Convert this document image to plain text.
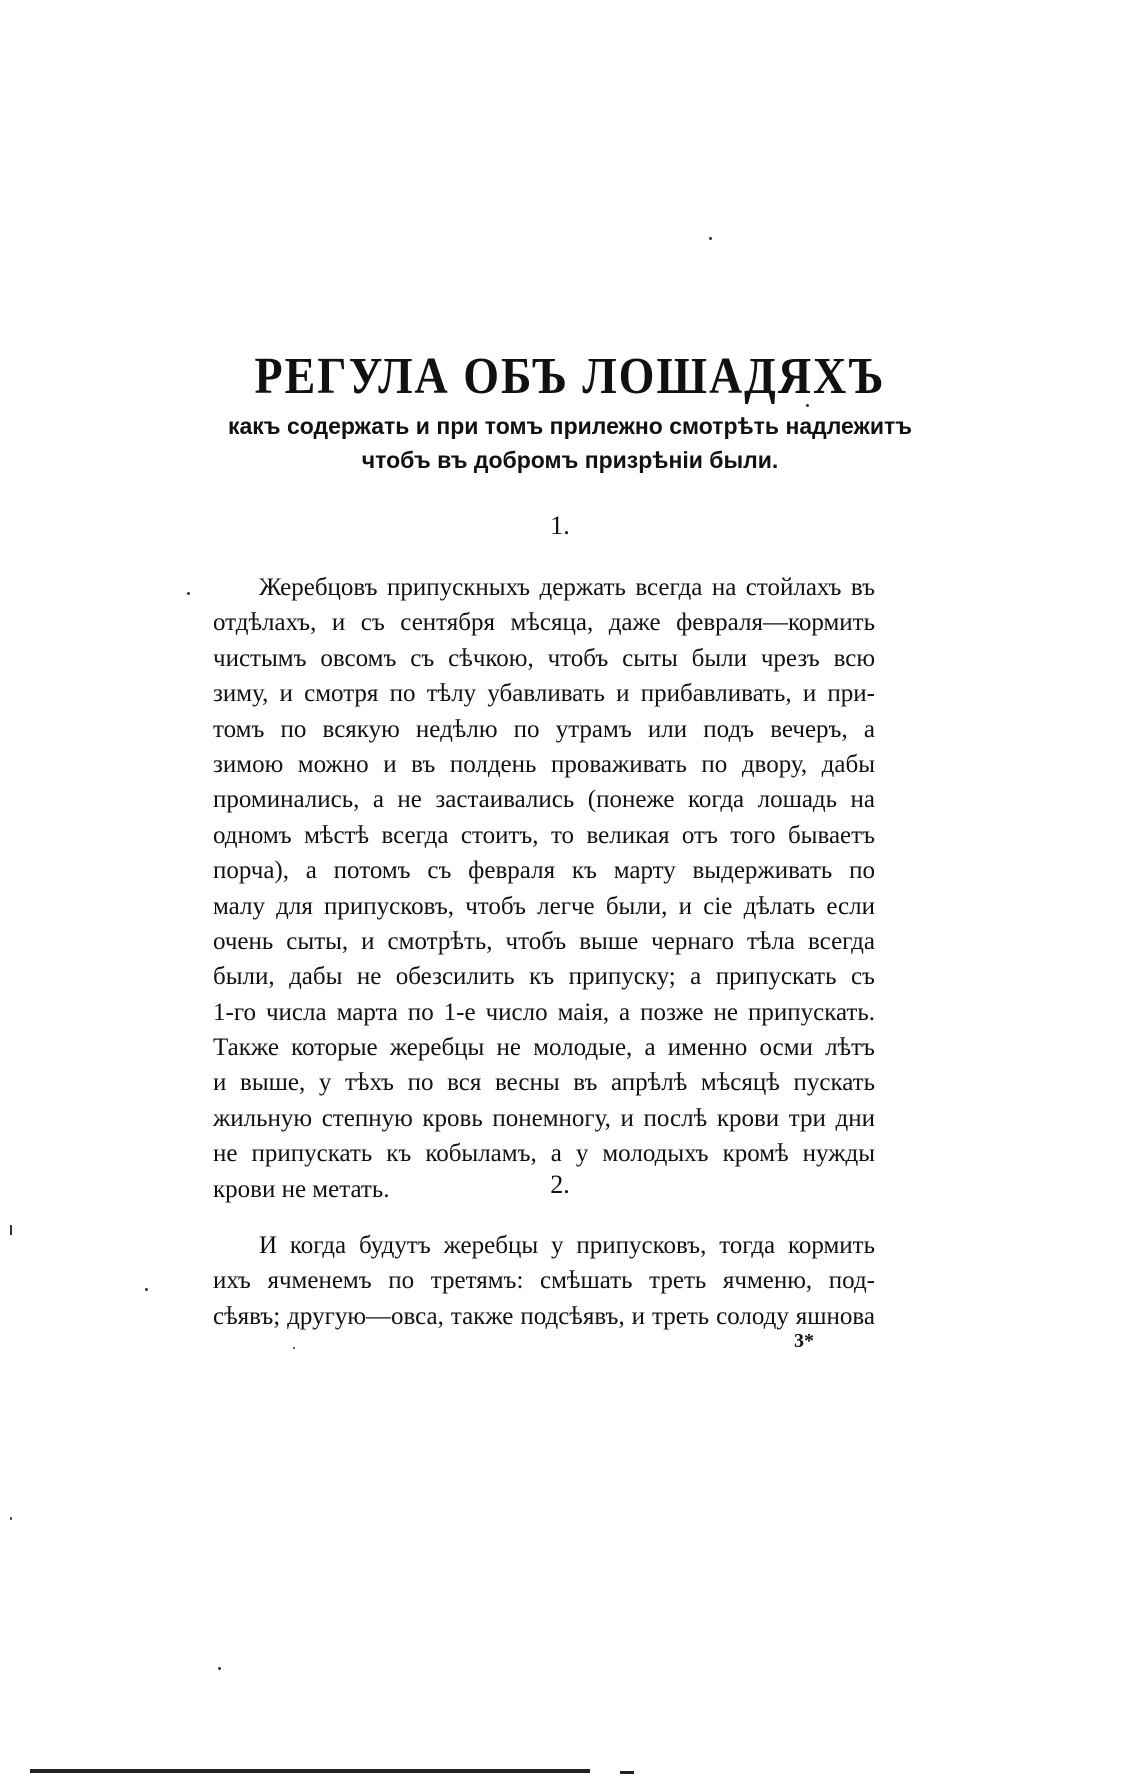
РЕГУЛА ОБЪ ЛОШАДЯХЪ

какъ содержать и при томъ прилежно смотрѣть надлежитъ

чтобъ въ добромъ призрѣніи были.

1.

Жеребцовъ припускныхъ держать всегда на стойлахъ въ
отдѣлахъ, и съ сентября мѣсяца, даже февраля—кормить
чистымъ овсомъ съ сѣчкою, чтобъ сыты были чрезъ всю
зиму, и смотря по тѣлу убавливать и прибавливать, и при-
томъ по всякую недѣлю по утрамъ или подъ вечеръ, а
зимою можно и въ полдень проваживать по двору, дабы
проминались, а не застаивались (понеже когда лошадь на
одномъ мѣстѣ всегда стоитъ, то великая отъ того бываетъ
порча), а потомъ съ февраля къ марту выдерживать по
малу для припусковъ, чтобъ легче были, и сіе дѣлать если
очень сыты, и смотрѣть, чтобъ выше чернаго тѣла всегда
были, дабы не обезсилить къ припуску; а припускать съ
1-го числа марта по 1-е число маія, а позже не припускать.
Также которые жеребцы не молодые, а именно осми лѣтъ
и выше, у тѣхъ по вся весны въ апрѣлѣ мѣсяцѣ пускать
жильную степную кровь понемногу, и послѣ крови три дни
не припускать къ кобыламъ, а у молодыхъ кромѣ нужды
крови не метать.	2.

И когда будутъ жеребцы у припусковъ, тогда кормить
ихъ ячменемъ по третямъ: смѣшать треть ячменю, под-
сѣявъ; другую—овса, также подсѣявъ, и треть солоду яшнова

3*
